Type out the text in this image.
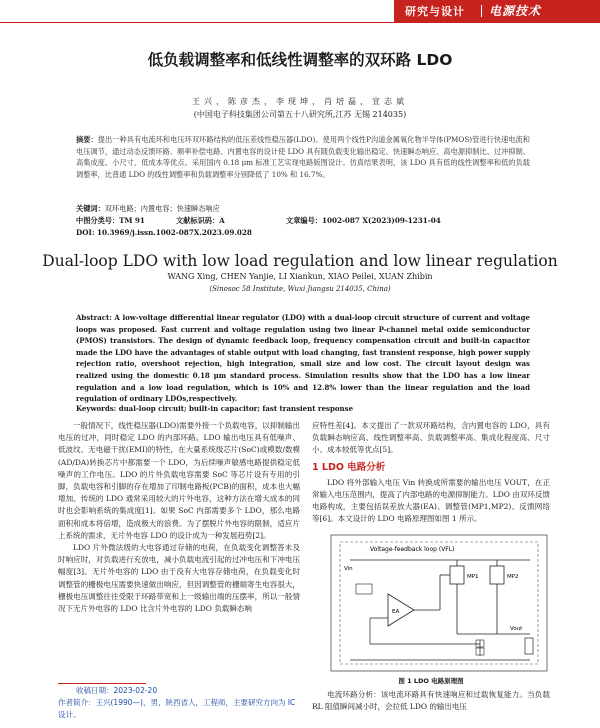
研究与设计 电源技术
低负载调整率和低线性调整率的双环路 LDO
王兴，陈彦杰，李现坤，肖培磊，宣志斌
(中国电子科技集团公司第五十八研究所,江苏 无锡 214035)
摘要：提出一种具有电流环和电压环双环路结构的低压差线性稳压器(LDO)。使用两个线性P沟道金属氧化物半导体(PMOS)管进行快速电流和电压调节，通过动态反馈环路、频率补偿电路、内置电容的设计使 LDO 具有随负载变化输出稳定、快速瞬态响应、高电源抑制比、过冲抑制、高集成度、小尺寸、低成本等优点。采用国内 0.18 μm 标准工艺实现电路版图设计。仿真结果表明，该 LDO 具有低的线性调整率和低的负载调整率，比普通 LDO 的线性调整率和负载调整率分别降低了 10% 和 16.7%。
关键词：双环电路；内置电容；快速瞬态响应
中图分类号：TM 91	文献标识码：A	文章编号：1002-087 X(2023)09-1231-04
DOI: 10.3969/j.issn.1002-087X.2023.09.028
Dual-loop LDO with low load regulation and low linear regulation
WANG Xing, CHEN Yanjie, LI Xiankun, XIAO Peilei, XUAN Zhibin
(Sinosoc 58 Institute, Wuxi Jiangsu 214035, China)
Abstract: A low-voltage differential linear regulator (LDO) with a dual-loop circuit structure of current and voltage loops was proposed. Fast current and voltage regulation using two linear P-channel metal oxide semiconductor (PMOS) transistors. The design of dynamic feedback loop, frequency compensation circuit and built-in capacitor made the LDO have the advantages of stable output with load changing, fast transient response, high power supply rejection ratio, overshoot rejection, high integration, small size and low cost. The circuit layout design was realized using the domestic 0.18 μm standard process. Simulation results show that the LDO has a low linear regulation and a low load regulation, which is 10% and 12.8% lower than the linear regulation and the load regulation of ordinary LDOs,respectively.
Keywords: dual-loop circuit; built-in capacitor; fast transient response

一般情况下，线性稳压器(LDO)需要外接一个负载电容，以抑制输出电压的过冲，同时稳定 LDO 的内部环路。LDO 输出电压具有低噪声、低波纹、无电磁干扰(EMI)的特性，在大量系统级芯片(SoC)或模数/数模(AD/DA)转换芯片中都需要一个 LDO，为后续噪声敏感电路提供稳定低噪声的工作电压。LDO 的片外负载电容需要 SoC 等芯片设有专用的引脚，负载电容和引脚的存在增加了印制电路板(PCB)的面积，成本也大幅增加。传统的 LDO 通常采用较大的片外电容，这种方法在增大成本的同时也会影响系统的集成度[1]。如果 SoC 内部需要多个 LDO，那么电路面积和成本将倍增，造成极大的浪费。为了摆脱片外电容的限制，适应片上系统的需求，无片外电容 LDO 的设计成为一种发展趋势[2]。

LDO 片外微法级的大电容通过存储的电荷，在负载变化调整答未及时响应时，对负载进行充放电，减小负载电流引起的过冲电压和下冲电压幅度[3]。无片外电容的 LDO 由于没有大电容存储电荷，在负载变化时调整管的栅极电压需要快速做出响应，但因调整管的栅端寄生电容很大，栅极电压调整往往受限于环路带宽和上一级输出端的压摆率，所以一般情况下无片外电容的 LDO 比含片外电容的 LDO 负载瞬态响

应特性差[4]。本文提出了一款双环路结构，含内置电容的 LDO，具有负载瞬态响应高、线性调整率高、负载调整率高、集成化程度高、尺寸小、成本较低等优点[5]。

1 LDO 电路分析

LDO 将外部输入电压 Vin 转换成所需要的输出电压 VOUT，在正常输入电压范围内，提高了内部电路的电源抑制能力。LDO 由双环反馈电路构成，主要包括误差放大器(EA)、调整管(MP1,MP2)、反馈网络等[6]。本文设计的 LDO 电路原理图如图 1 所示。

Voltage-feedback loop (VFL)
Vin
EA
MP1	MP2
Vout
图 1 LDO 电路原理图

电流环路分析：该电流环路具有快速响应和过载恢复能力。当负载 RL 阻值瞬间减小时，会拉低 LDO 的输出电压

收稿日期：2023-02-20
作者简介：王兴(1990—)，男，陕西省人，工程师，主要研究方向为 IC 设计。
